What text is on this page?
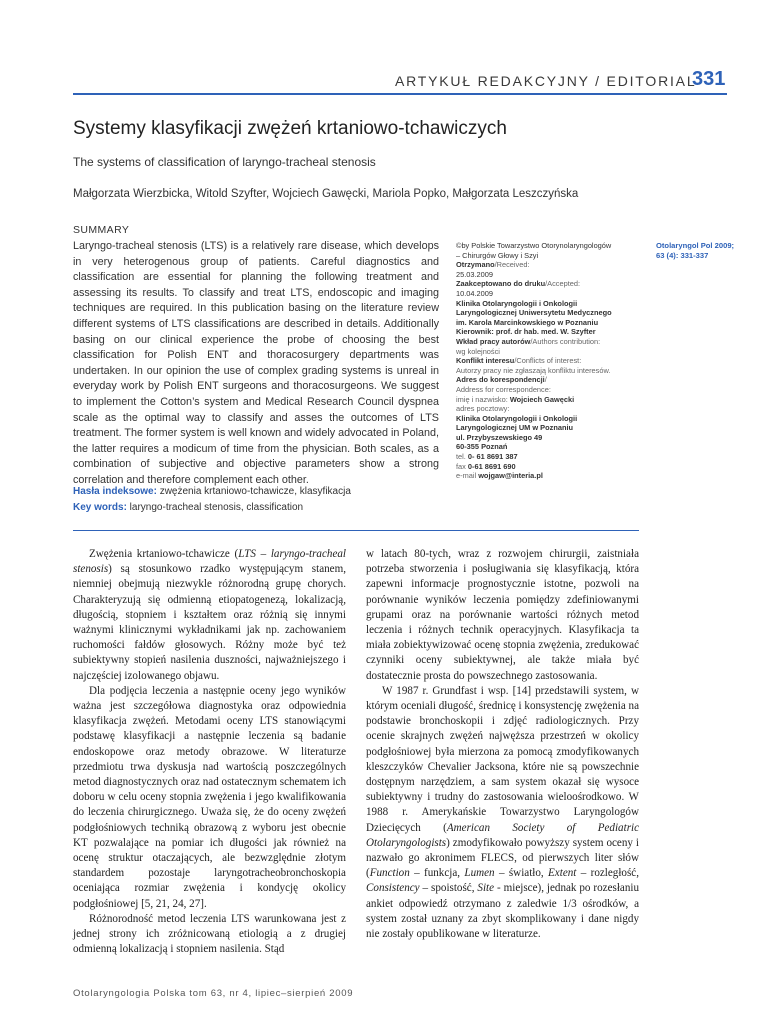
ARTYKUŁ REDAKCYJNY / EDITORIAL
331
Systemy klasyfikacji zwężeń krtaniowo-tchawiczych
The systems of classification of laryngo-tracheal stenosis
Małgorzata Wierzbicka, Witold Szyfter, Wojciech Gawęcki, Mariola Popko, Małgorzata Leszczyńska
SUMMARY
Laryngo-tracheal stenosis (LTS) is a relatively rare disease, which develops in very heterogenous group of patients. Careful diagnostics and classification are essential for planning the following treatment and assessing its results. To classify and treat LTS, endoscopic and imaging techniques are required. In this publication basing on the literature review different systems of LTS classifications are described in details. Additionally basing on our clinical experience the probe of choosing the best classification for Polish ENT and thoracosurgery departments was undertaken. In our opinion the use of complex grading systems is unreal in everyday work by Polish ENT surgeons and thoracosurgeons. We suggest to implement the Cotton’s system and Medical Research Council dyspnea scale as the optimal way to classify and asses the outcomes of LTS treatment. The former system is well known and widely advocated in Poland, the latter requires a modicum of time from the physician. Both scales, as a combination of subjective and objective parameters show a strong correlation and therefore complement each other.
Hasła indeksowe: zwężenia krtaniowo-tchawicze, klasyfikacja
Key words: laryngo-tracheal stenosis, classification
©by Polskie Towarzystwo Otorynolaryngologów
– Chirurgów Głowy i Szyi
Otrzymano/Received:
25.03.2009
Zaakceptowano do druku/Accepted:
10.04.2009
Klinika Otolaryngologii i Onkologii
Laryngologicznej Uniwersytetu Medycznego
im. Karola Marcinkowskiego w Poznaniu
Kierownik: prof. dr hab. med. W. Szyfter
Wkład pracy autorów/Authors contribution:
wg kolejności
Konflikt interesu/Conflicts of interest:
Autorzy pracy nie zgłaszają konfliktu interesów.
Adres do korespondencji/
Address for correspondence:
imię i nazwisko: Wojciech Gawęcki
adres pocztowy:
Klinika Otolaryngologii i Onkologii
Laryngologicznej UM w Poznaniu
ul. Przybyszewskiego 49
60-355 Poznań
tel. 0- 61 8691 387
fax 0-61 8691 690
e-mail wojgaw@interia.pl
Otolaryngol Pol 2009;
63 (4): 331-337

Zwężenia krtaniowo-tchawicze (LTS – laryngo-tracheal stenosis) są stosunkowo rzadko występującym stanem, niemniej obejmują niezwykle różnorodną grupę chorych. Charakteryzują się odmienną etiopatogenezą, lokalizacją, długością, stopniem i kształtem oraz różnią się innymi ważnymi klinicznymi wykładnikami jak np. zachowaniem ruchomości fałdów głosowych. Różny może być też subiektywny stopień nasilenia duszności, najważniejszego i najczęściej izolowanego objawu.

Dla podjęcia leczenia a następnie oceny jego wyników ważna jest szczegółowa diagnostyka oraz odpowiednia klasyfikacja zwężeń. Metodami oceny LTS stanowiącymi podstawę klasyfikacji a następnie leczenia są badanie endoskopowe oraz metody obrazowe. W literaturze przedmiotu trwa dyskusja nad wartością poszczególnych metod diagnostycznych oraz nad ostatecznym schematem ich doboru w celu oceny stopnia zwężenia i jego kwalifikowania do leczenia chirurgicznego. Uważa się, że do oceny zwężeń podgłośniowych techniką obrazową z wyboru jest obecnie KT pozwalające na pomiar ich długości jak również na ocenę struktur otaczających, ale bezwzględnie złotym standardem pozostaje laryngotracheobronchoskopia oceniająca rozmiar zwężenia i kondycję okolicy podgłośniowej [5, 21, 24, 27].

Różnorodność metod leczenia LTS warunkowana jest z jednej strony ich zróżnicowaną etiologią a z drugiej odmienną lokalizacją i stopniem nasilenia. Stąd

w latach 80-tych, wraz z rozwojem chirurgii, zaistniała potrzeba stworzenia i posługiwania się klasyfikacją, która zapewni informacje prognostycznie istotne, pozwoli na porównanie wyników leczenia pomiędzy zdefiniowanymi grupami oraz na porównanie wartości różnych metod leczenia i różnych technik operacyjnych. Klasyfikacja ta miała zobiektywizować ocenę stopnia zwężenia, zredukować czynniki oceny subiektywnej, ale także miała być dostatecznie prosta do powszechnego zastosowania.

W 1987 r. Grundfast i wsp. [14] przedstawili system, w którym oceniali długość, średnicę i konsystencję zwężenia na podstawie bronchoskopii i zdjęć radiologicznych. Przy ocenie skrajnych zwężeń najwęższa przestrzeń w okolicy podgłośniowej była mierzona za pomocą zmodyfikowanych kleszczyków Chevalier Jacksona, które nie są powszechnie dostępnym narzędziem, a sam system okazał się wysoce subiektywny i trudny do zastosowania wieloośrodkowo. W 1988 r. Amerykańskie Towarzystwo Laryngologów Dziecięcych (American Society of Pediatric Otolaryngologists) zmodyfikowało powyższy system oceny i nazwało go akronimem FLECS, od pierwszych liter słów (Function – funkcja, Lumen – światło, Extent – rozległość, Consistency – spoistość, Site - miejsce), jednak po rozesłaniu ankiet odpowiedź otrzymano z zaledwie 1/3 ośrodków, a system został uznany za zbyt skomplikowany i dane nigdy nie zostały opublikowane w literaturze.

Otolaryngologia Polska tom 63, nr 4, lipiec–sierpień 2009
